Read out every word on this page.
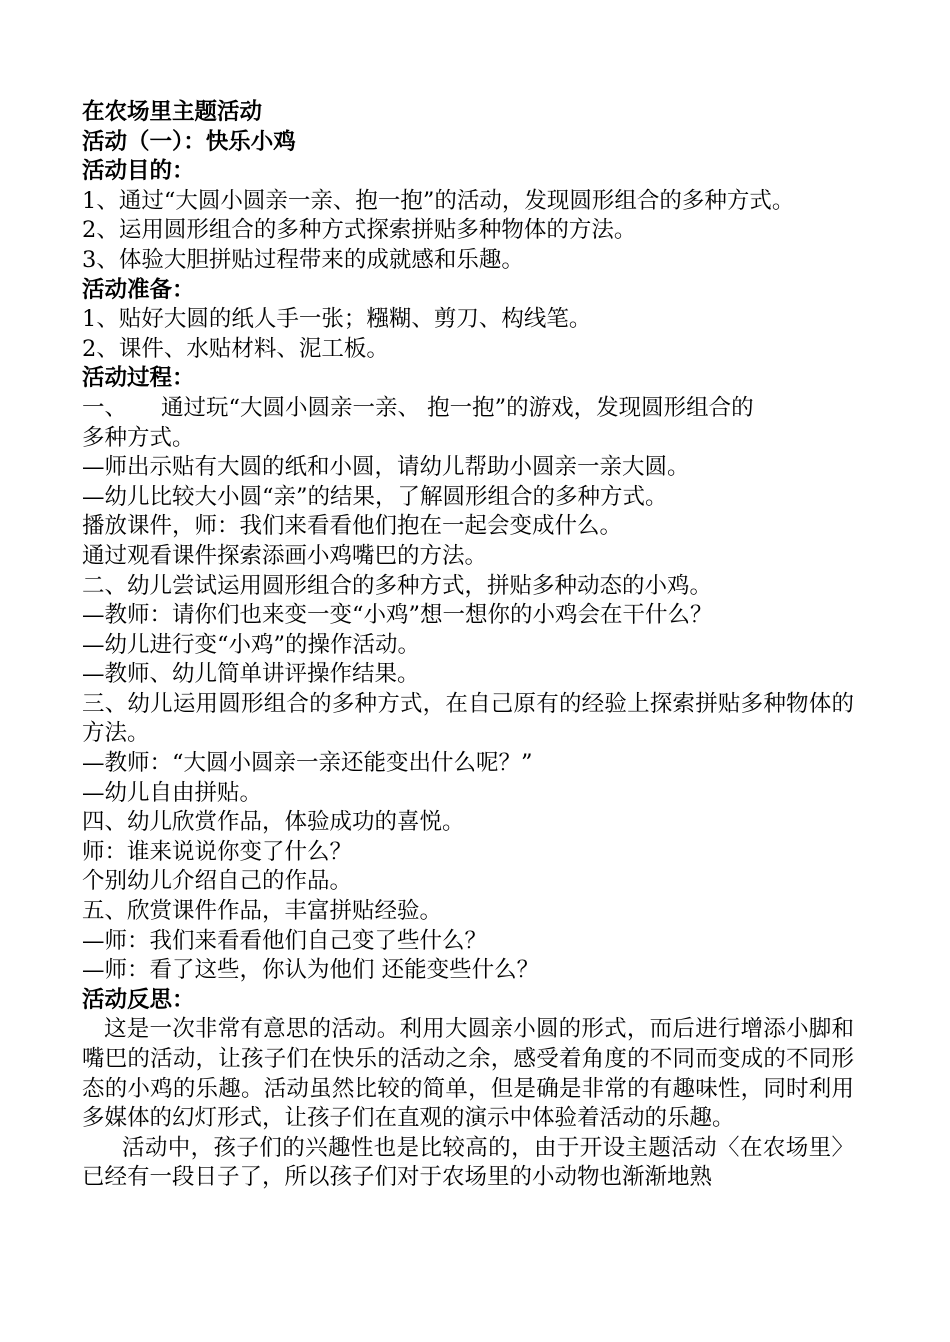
在农场里主题活动

活动（一）：快乐小鸡

活动目的：

1、通过“大圆小圆亲一亲、抱一抱”的活动，发现圆形组合的多种方式。

2、运用圆形组合的多种方式探索拼贴多种物体的方法。

3、体验大胆拼贴过程带来的成就感和乐趣。

活动准备：

1、贴好大圆的纸人手一张；糨糊、剪刀、构线笔。

2、课件、水贴材料、泥工板。

活动过程：

一、	通过玩“大圆小圆亲一亲、 抱一抱”的游戏，发现圆形组合的

多种方式。

—师出示贴有大圆的纸和小圆，请幼儿帮助小圆亲一亲大圆。

—幼儿比较大小圆“亲”的结果，了解圆形组合的多种方式。

播放课件，师：我们来看看他们抱在一起会变成什么。

通过观看课件探索添画小鸡嘴巴的方法。

二、幼儿尝试运用圆形组合的多种方式，拼贴多种动态的小鸡。

—教师：请你们也来变一变“小鸡”想一想你的小鸡会在干什么？

—幼儿进行变“小鸡”的操作活动。

—教师、幼儿简单讲评操作结果。

三、幼儿运用圆形组合的多种方式，在自己原有的经验上探索拼贴多种物体的方法。

—教师：“大圆小圆亲一亲还能变出什么呢？”

—幼儿自由拼贴。

四、幼儿欣赏作品，体验成功的喜悦。

师：谁来说说你变了什么？

个别幼儿介绍自己的作品。

五、欣赏课件作品，丰富拼贴经验。

—师：我们来看看他们自己变了些什么？

—师：看了这些，你认为他们 还能变些什么？

活动反思：

这是一次非常有意思的活动。利用大圆亲小圆的形式，而后进行增添小脚和嘴巴的活动，让孩子们在快乐的活动之余，感受着角度的不同而变成的不同形态的小鸡的乐趣。活动虽然比较的简单，但是确是非常的有趣味性，同时利用多媒体的幻灯形式，让孩子们在直观的演示中体验着活动的乐趣。

活动中，孩子们的兴趣性也是比较高的，由于开设主题活动〈在农场里〉已经有一段日子了，所以孩子们对于农场里的小动物也渐渐地熟
